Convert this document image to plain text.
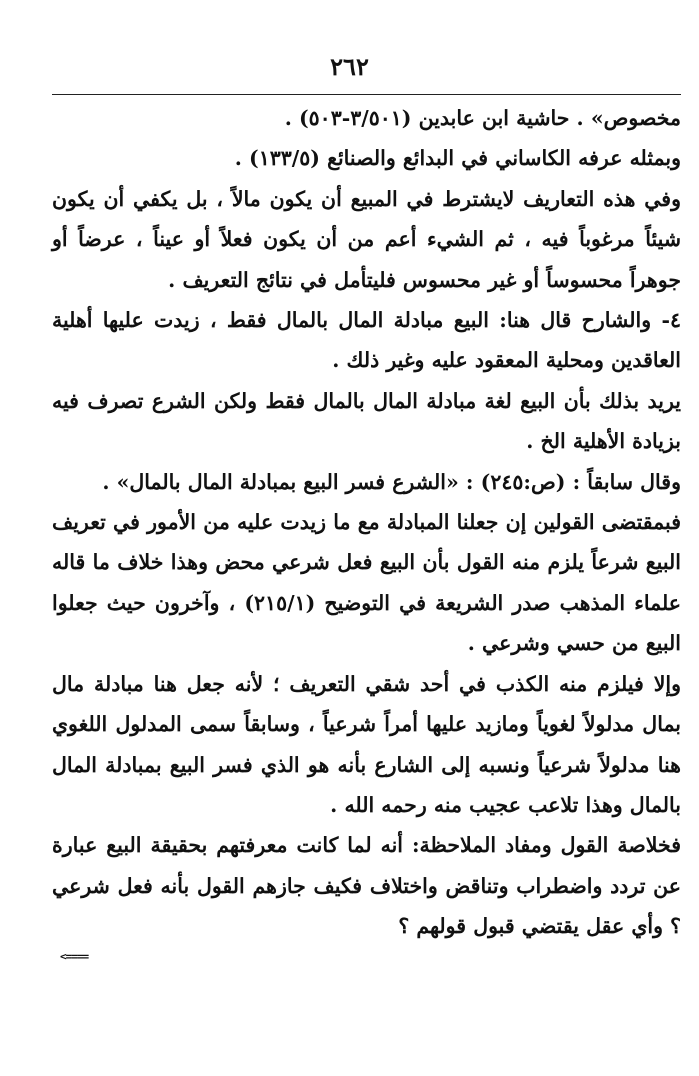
٢٦٢

مخصوص» . حاشية ابن عابدين (٣/٥٠١-٥٠٣) .

وبمثله عرفه الكاساني في البدائع والصنائع (١٣٣/٥) .

وفي هذه التعاريف لايشترط في المبيع أن يكون مالاً ، بل يكفي أن يكون شيئاً مرغوباً فيه ، ثم الشيء أعم من أن يكون فعلاً أو عيناً ، عرضاً أو جوهراً محسوساً أو غير محسوس فليتأمل في نتائج التعريف .

٤- والشارح قال هنا: البيع مبادلة المال بالمال فقط ، زيدت عليها أهلية العاقدين ومحلية المعقود عليه وغير ذلك .

يريد بذلك بأن البيع لغة مبادلة المال بالمال فقط ولكن الشرع تصرف فيه بزيادة الأهلية الخ .

وقال سابقاً : (ص:٢٤٥) : «الشرع فسر البيع بمبادلة المال بالمال» .

فبمقتضى القولين إن جعلنا المبادلة مع ما زيدت عليه من الأمور في تعريف البيع شرعاً يلزم منه القول بأن البيع فعل شرعي محض وهذا خلاف ما قاله علماء المذهب صدر الشريعة في التوضيح (٢١٥/١) ، وآخرون حيث جعلوا البيع من حسي وشرعي .

وإلا فيلزم منه الكذب في أحد شقي التعريف ؛ لأنه جعل هنا مبادلة مال بمال مدلولاً لغوياً ومازيد عليها أمراً شرعياً ، وسابقاً سمى المدلول اللغوي هنا مدلولاً شرعياً ونسبه إلى الشارع بأنه هو الذي فسر البيع بمبادلة المال بالمال وهذا تلاعب عجيب منه رحمه الله .

فخلاصة القول ومفاد الملاحظة: أنه لما كانت معرفتهم بحقيقة البيع عبارة عن تردد واضطراب وتناقض واختلاف فكيف جازهم القول بأنه فعل شرعي ؟ وأي عقل يقتضي قبول قولهم ؟

<====
